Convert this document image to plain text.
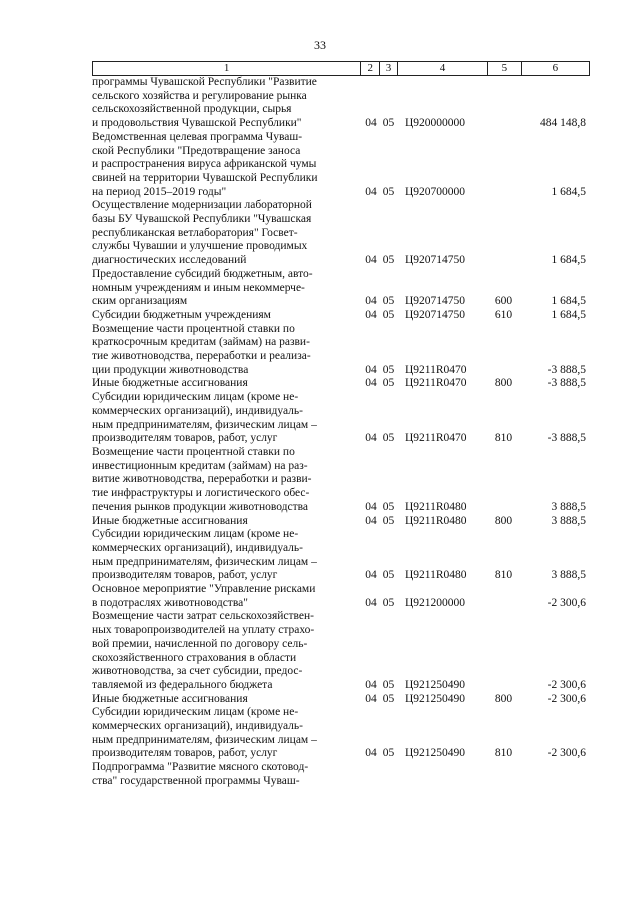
33
1	2	3	4	5	6
программы Чувашской Республики "Развитие
сельского хозяйства и регулирование рынка
сельскохозяйственной продукции, сырья
и продовольствия Чувашской Республики"	04 05 Ц920000000	484 148,8
Ведомственная целевая программа Чуваш-
ской Республики "Предотвращение заноса
и распространения вируса африканской чумы
свиней на территории Чувашской Республики
на период 2015–2019 годы"	04 05 Ц920700000	1 684,5
Осуществление модернизации лабораторной
базы БУ Чувашской Республики "Чувашская
республиканская ветлаборатория" Госвет-
службы Чувашии и улучшение проводимых
диагностических исследований	04 05 Ц920714750	1 684,5
Предоставление субсидий бюджетным, авто-
номным учреждениям и иным некоммерче-
ским организациям	04 05 Ц920714750	600	1 684,5
Субсидии бюджетным учреждениям	04 05 Ц920714750	610	1 684,5
Возмещение части процентной ставки по
краткосрочным кредитам (займам) на разви-
тие животноводства, переработки и реализа-
ции продукции животноводства	04 05 Ц9211R0470	-3 888,5
Иные бюджетные ассигнования	04 05 Ц9211R0470	800	-3 888,5
Субсидии юридическим лицам (кроме не-
коммерческих организаций), индивидуаль-
ным предпринимателям, физическим лицам –
производителям товаров, работ, услуг	04 05 Ц9211R0470	810	-3 888,5
Возмещение части процентной ставки по
инвестиционным кредитам (займам) на раз-
витие животноводства, переработки и разви-
тие инфраструктуры и логистического обес-
печения рынков продукции животноводства	04 05 Ц9211R0480	3 888,5
Иные бюджетные ассигнования	04 05 Ц9211R0480	800	3 888,5
Субсидии юридическим лицам (кроме не-
коммерческих организаций), индивидуаль-
ным предпринимателям, физическим лицам –
производителям товаров, работ, услуг	04 05 Ц9211R0480	810	3 888,5
Основное мероприятие "Управление рисками
в подотраслях животноводства"	04 05 Ц921200000	-2 300,6
Возмещение части затрат сельскохозяйствен-
ных товаропроизводителей на уплату страхо-
вой премии, начисленной по договору сель-
скохозяйственного страхования в области
животноводства, за счет субсидии, предос-
тавляемой из федерального бюджета	04 05 Ц921250490	-2 300,6
Иные бюджетные ассигнования	04 05 Ц921250490	800	-2 300,6
Субсидии юридическим лицам (кроме не-
коммерческих организаций), индивидуаль-
ным предпринимателям, физическим лицам –
производителям товаров, работ, услуг	04 05 Ц921250490	810	-2 300,6
Подпрограмма "Развитие мясного скотовод-
ства" государственной программы Чуваш-
